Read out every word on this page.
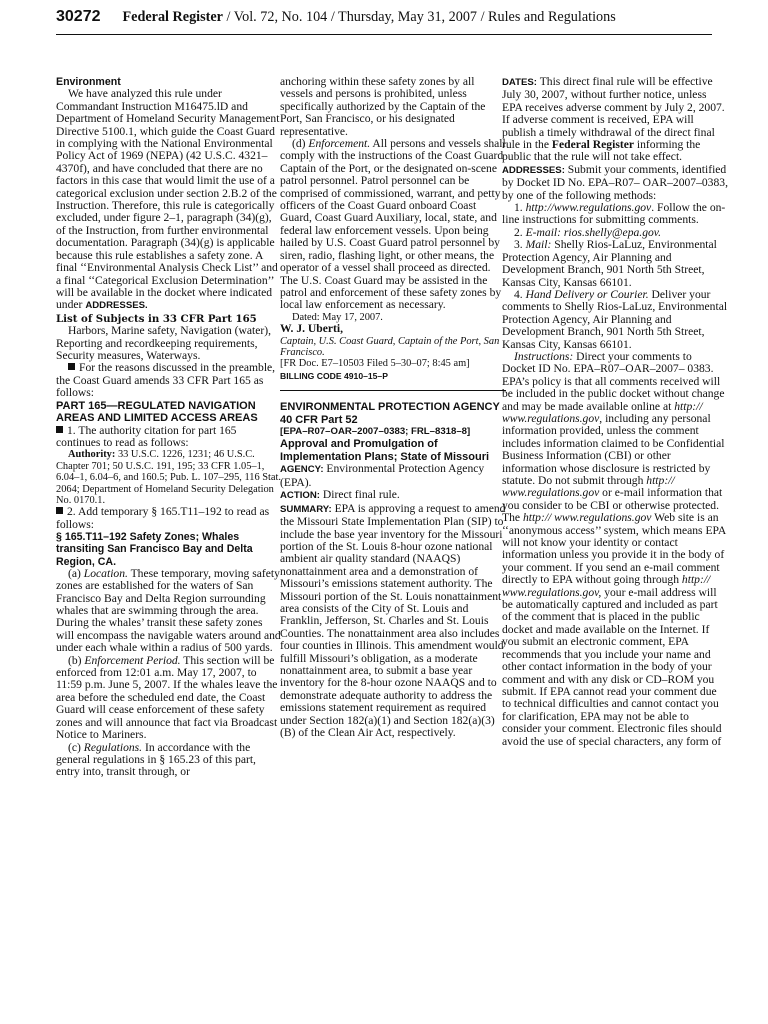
30272 Federal Register / Vol. 72, No. 104 / Thursday, May 31, 2007 / Rules and Regulations

Environment

We have analyzed this rule under Commandant Instruction M16475.lD and Department of Homeland Security Management Directive 5100.1, which guide the Coast Guard in complying with the National Environmental Policy Act of 1969 (NEPA) (42 U.S.C. 4321– 4370f), and have concluded that there are no factors in this case that would limit the use of a categorical exclusion under section 2.B.2 of the Instruction. Therefore, this rule is categorically excluded, under figure 2–1, paragraph (34)(g), of the Instruction, from further environmental documentation. Paragraph (34)(g) is applicable because this rule establishes a safety zone. A final ‘‘Environmental Analysis Check List’’ and a final ‘‘Categorical Exclusion Determination’’ will be available in the docket where indicated under ADDRESSES.

List of Subjects in 33 CFR Part 165

Harbors, Marine safety, Navigation (water), Reporting and recordkeeping requirements, Security measures, Waterways.

For the reasons discussed in the preamble, the Coast Guard amends 33 CFR Part 165 as follows:

PART 165—REGULATED NAVIGATION AREAS AND LIMITED ACCESS AREAS

1. The authority citation for part 165 continues to read as follows:

Authority: 33 U.S.C. 1226, 1231; 46 U.S.C. Chapter 701; 50 U.S.C. 191, 195; 33 CFR 1.05–1, 6.04–1, 6.04–6, and 160.5; Pub. L. 107–295, 116 Stat. 2064; Department of Homeland Security Delegation No. 0170.1.

2. Add temporary § 165.T11–192 to read as follows:

§ 165.T11–192 Safety Zones; Whales transiting San Francisco Bay and Delta Region, CA.

(a) Location. These temporary, moving safety zones are established for the waters of San Francisco Bay and Delta Region surrounding whales that are swimming through the area. During the whales’ transit these safety zones will encompass the navigable waters around and under each whale within a radius of 500 yards.

(b) Enforcement Period. This section will be enforced from 12:01 a.m. May 17, 2007, to 11:59 p.m. June 5, 2007. If the whales leave the area before the scheduled end date, the Coast Guard will cease enforcement of these safety zones and will announce that fact via Broadcast Notice to Mariners.

(c) Regulations. In accordance with the general regulations in § 165.23 of this part, entry into, transit through, or

anchoring within these safety zones by all vessels and persons is prohibited, unless specifically authorized by the Captain of the Port, San Francisco, or his designated representative.

(d) Enforcement. All persons and vessels shall comply with the instructions of the Coast Guard Captain of the Port, or the designated on-scene patrol personnel. Patrol personnel can be comprised of commissioned, warrant, and petty officers of the Coast Guard onboard Coast Guard, Coast Guard Auxiliary, local, state, and federal law enforcement vessels. Upon being hailed by U.S. Coast Guard patrol personnel by siren, radio, flashing light, or other means, the operator of a vessel shall proceed as directed. The U.S. Coast Guard may be assisted in the patrol and enforcement of these safety zones by local law enforcement as necessary.

Dated: May 17, 2007.

W. J. Uberti,

Captain, U.S. Coast Guard, Captain of the Port, San Francisco.

[FR Doc. E7–10503 Filed 5–30–07; 8:45 am]

BILLING CODE 4910–15–P

ENVIRONMENTAL PROTECTION AGENCY

40 CFR Part 52

[EPA–R07–OAR–2007–0383; FRL–8318–8]

Approval and Promulgation of Implementation Plans; State of Missouri

AGENCY: Environmental Protection Agency (EPA).

ACTION: Direct final rule.

SUMMARY: EPA is approving a request to amend the Missouri State Implementation Plan (SIP) to include the base year inventory for the Missouri portion of the St. Louis 8-hour ozone national ambient air quality standard (NAAQS) nonattainment area and a demonstration of Missouri’s emissions statement authority. The Missouri portion of the St. Louis nonattainment area consists of the City of St. Louis and Franklin, Jefferson, St. Charles and St. Louis Counties. The nonattainment area also includes four counties in Illinois. This amendment would fulfill Missouri’s obligation, as a moderate nonattainment area, to submit a base year inventory for the 8-hour ozone NAAQS and to demonstrate adequate authority to address the emissions statement requirement as required under Section 182(a)(1) and Section 182(a)(3)(B) of the Clean Air Act, respectively.

DATES: This direct final rule will be effective July 30, 2007, without further notice, unless EPA receives adverse comment by July 2, 2007. If adverse comment is received, EPA will publish a timely withdrawal of the direct final rule in the Federal Register informing the public that the rule will not take effect.

ADDRESSES: Submit your comments, identified by Docket ID No. EPA–R07– OAR–2007–0383, by one of the following methods:

1. http://www.regulations.gov. Follow the on-line instructions for submitting comments.

2. E-mail: rios.shelly@epa.gov.

3. Mail: Shelly Rios-LaLuz, Environmental Protection Agency, Air Planning and Development Branch, 901 North 5th Street, Kansas City, Kansas 66101.

4. Hand Delivery or Courier. Deliver your comments to Shelly Rios-LaLuz, Environmental Protection Agency, Air Planning and Development Branch, 901 North 5th Street, Kansas City, Kansas 66101.

Instructions: Direct your comments to Docket ID No. EPA–R07–OAR–2007– 0383. EPA’s policy is that all comments received will be included in the public docket without change and may be made available online at http:// www.regulations.gov, including any personal information provided, unless the comment includes information claimed to be Confidential Business Information (CBI) or other information whose disclosure is restricted by statute. Do not submit through http:// www.regulations.gov or e-mail information that you consider to be CBI or otherwise protected. The http:// www.regulations.gov Web site is an ‘‘anonymous access’’ system, which means EPA will not know your identity or contact information unless you provide it in the body of your comment. If you send an e-mail comment directly to EPA without going through http:// www.regulations.gov, your e-mail address will be automatically captured and included as part of the comment that is placed in the public docket and made available on the Internet. If you submit an electronic comment, EPA recommends that you include your name and other contact information in the body of your comment and with any disk or CD–ROM you submit. If EPA cannot read your comment due to technical difficulties and cannot contact you for clarification, EPA may not be able to consider your comment. Electronic files should avoid the use of special characters, any form of
